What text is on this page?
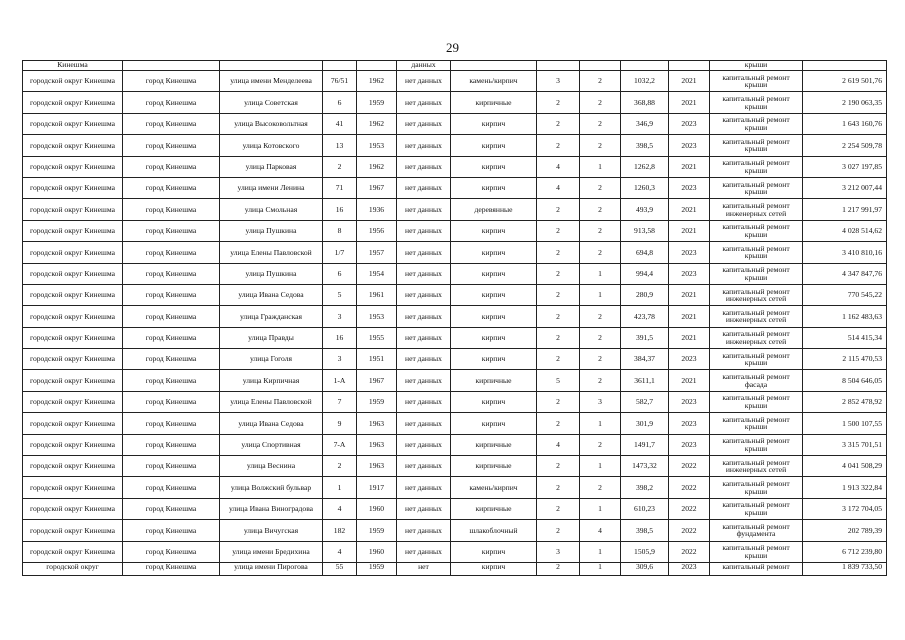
29
Кинешма					данных						крыши	
городской округ Кинешма	город Кинешма	улица имени Менделеева	76/51	1962	нет данных	камень/кирпич	3	2	1032,2	2021	капитальный ремонт крыши	2 619 501,76
городской округ Кинешма	город Кинешма	улица Советская	6	1959	нет данных	кирпичные	2	2	368,88	2021	капитальный ремонт крыши	2 190 063,35
городской округ Кинешма	город Кинешма	улица Высоковольтная	41	1962	нет данных	кирпич	2	2	346,9	2023	капитальный ремонт крыши	1 643 160,76
городской округ Кинешма	город Кинешма	улица Котовского	13	1953	нет данных	кирпич	2	2	398,5	2023	капитальный ремонт крыши	2 254 509,78
городской округ Кинешма	город Кинешма	улица Парковая	2	1962	нет данных	кирпич	4	1	1262,8	2021	капитальный ремонт крыши	3 027 197,85
городской округ Кинешма	город Кинешма	улица имени Ленина	71	1967	нет данных	кирпич	4	2	1260,3	2023	капитальный ремонт крыши	3 212 007,44
городской округ Кинешма	город Кинешма	улица Смольная	16	1936	нет данных	деревянные	2	2	493,9	2021	капитальный ремонт инженерных сетей	1 217 991,97
городской округ Кинешма	город Кинешма	улица Пушкина	8	1956	нет данных	кирпич	2	2	913,58	2021	капитальный ремонт крыши	4 028 514,62
городской округ Кинешма	город Кинешма	улица Елены Павловской	1/7	1957	нет данных	кирпич	2	2	694,8	2023	капитальный ремонт крыши	3 410 810,16
городской округ Кинешма	город Кинешма	улица Пушкина	6	1954	нет данных	кирпич	2	1	994,4	2023	капитальный ремонт крыши	4 347 847,76
городской округ Кинешма	город Кинешма	улица Ивана Седова	5	1961	нет данных	кирпич	2	1	280,9	2021	капитальный ремонт инженерных сетей	770 545,22
городской округ Кинешма	город Кинешма	улица Гражданская	3	1953	нет данных	кирпич	2	2	423,78	2021	капитальный ремонт инженерных сетей	1 162 483,63
городской округ Кинешма	город Кинешма	улица Правды	16	1955	нет данных	кирпич	2	2	391,5	2021	капитальный ремонт инженерных сетей	514 415,34
городской округ Кинешма	город Кинешма	улица Гоголя	3	1951	нет данных	кирпич	2	2	384,37	2023	капитальный ремонт крыши	2 115 470,53
городской округ Кинешма	город Кинешма	улица Кирпичная	1-А	1967	нет данных	кирпичные	5	2	3611,1	2021	капитальный ремонт фасада	8 504 646,05
городской округ Кинешма	город Кинешма	улица Елены Павловской	7	1959	нет данных	кирпич	2	3	582,7	2023	капитальный ремонт крыши	2 852 478,92
городской округ Кинешма	город Кинешма	улица Ивана Седова	9	1963	нет данных	кирпич	2	1	301,9	2023	капитальный ремонт крыши	1 500 107,55
городской округ Кинешма	город Кинешма	улица Спортивная	7-А	1963	нет данных	кирпичные	4	2	1491,7	2023	капитальный ремонт крыши	3 315 701,51
городской округ Кинешма	город Кинешма	улица Веснина	2	1963	нет данных	кирпичные	2	1	1473,32	2022	капитальный ремонт инженерных сетей	4 041 508,29
городской округ Кинешма	город Кинешма	улица Волжский бульвар	1	1917	нет данных	камень/кирпич	2	2	398,2	2022	капитальный ремонт крыши	1 913 322,84
городской округ Кинешма	город Кинешма	улица Ивана Виноградова	4	1960	нет данных	кирпичные	2	1	610,23	2022	капитальный ремонт крыши	3 172 704,05
городской округ Кинешма	город Кинешма	улица Вичугская	182	1959	нет данных	шлакоблочный	2	4	398,5	2022	капитальный ремонт фундамента	202 789,39
городской округ Кинешма	город Кинешма	улица имени Бредихина	4	1960	нет данных	кирпич	3	1	1505,9	2022	капитальный ремонт крыши	6 712 239,80
городской округ	город Кинешма	улица имени Пирогова	55	1959	нет	кирпич	2	1	309,6	2023	капитальный ремонт	1 839 733,50
